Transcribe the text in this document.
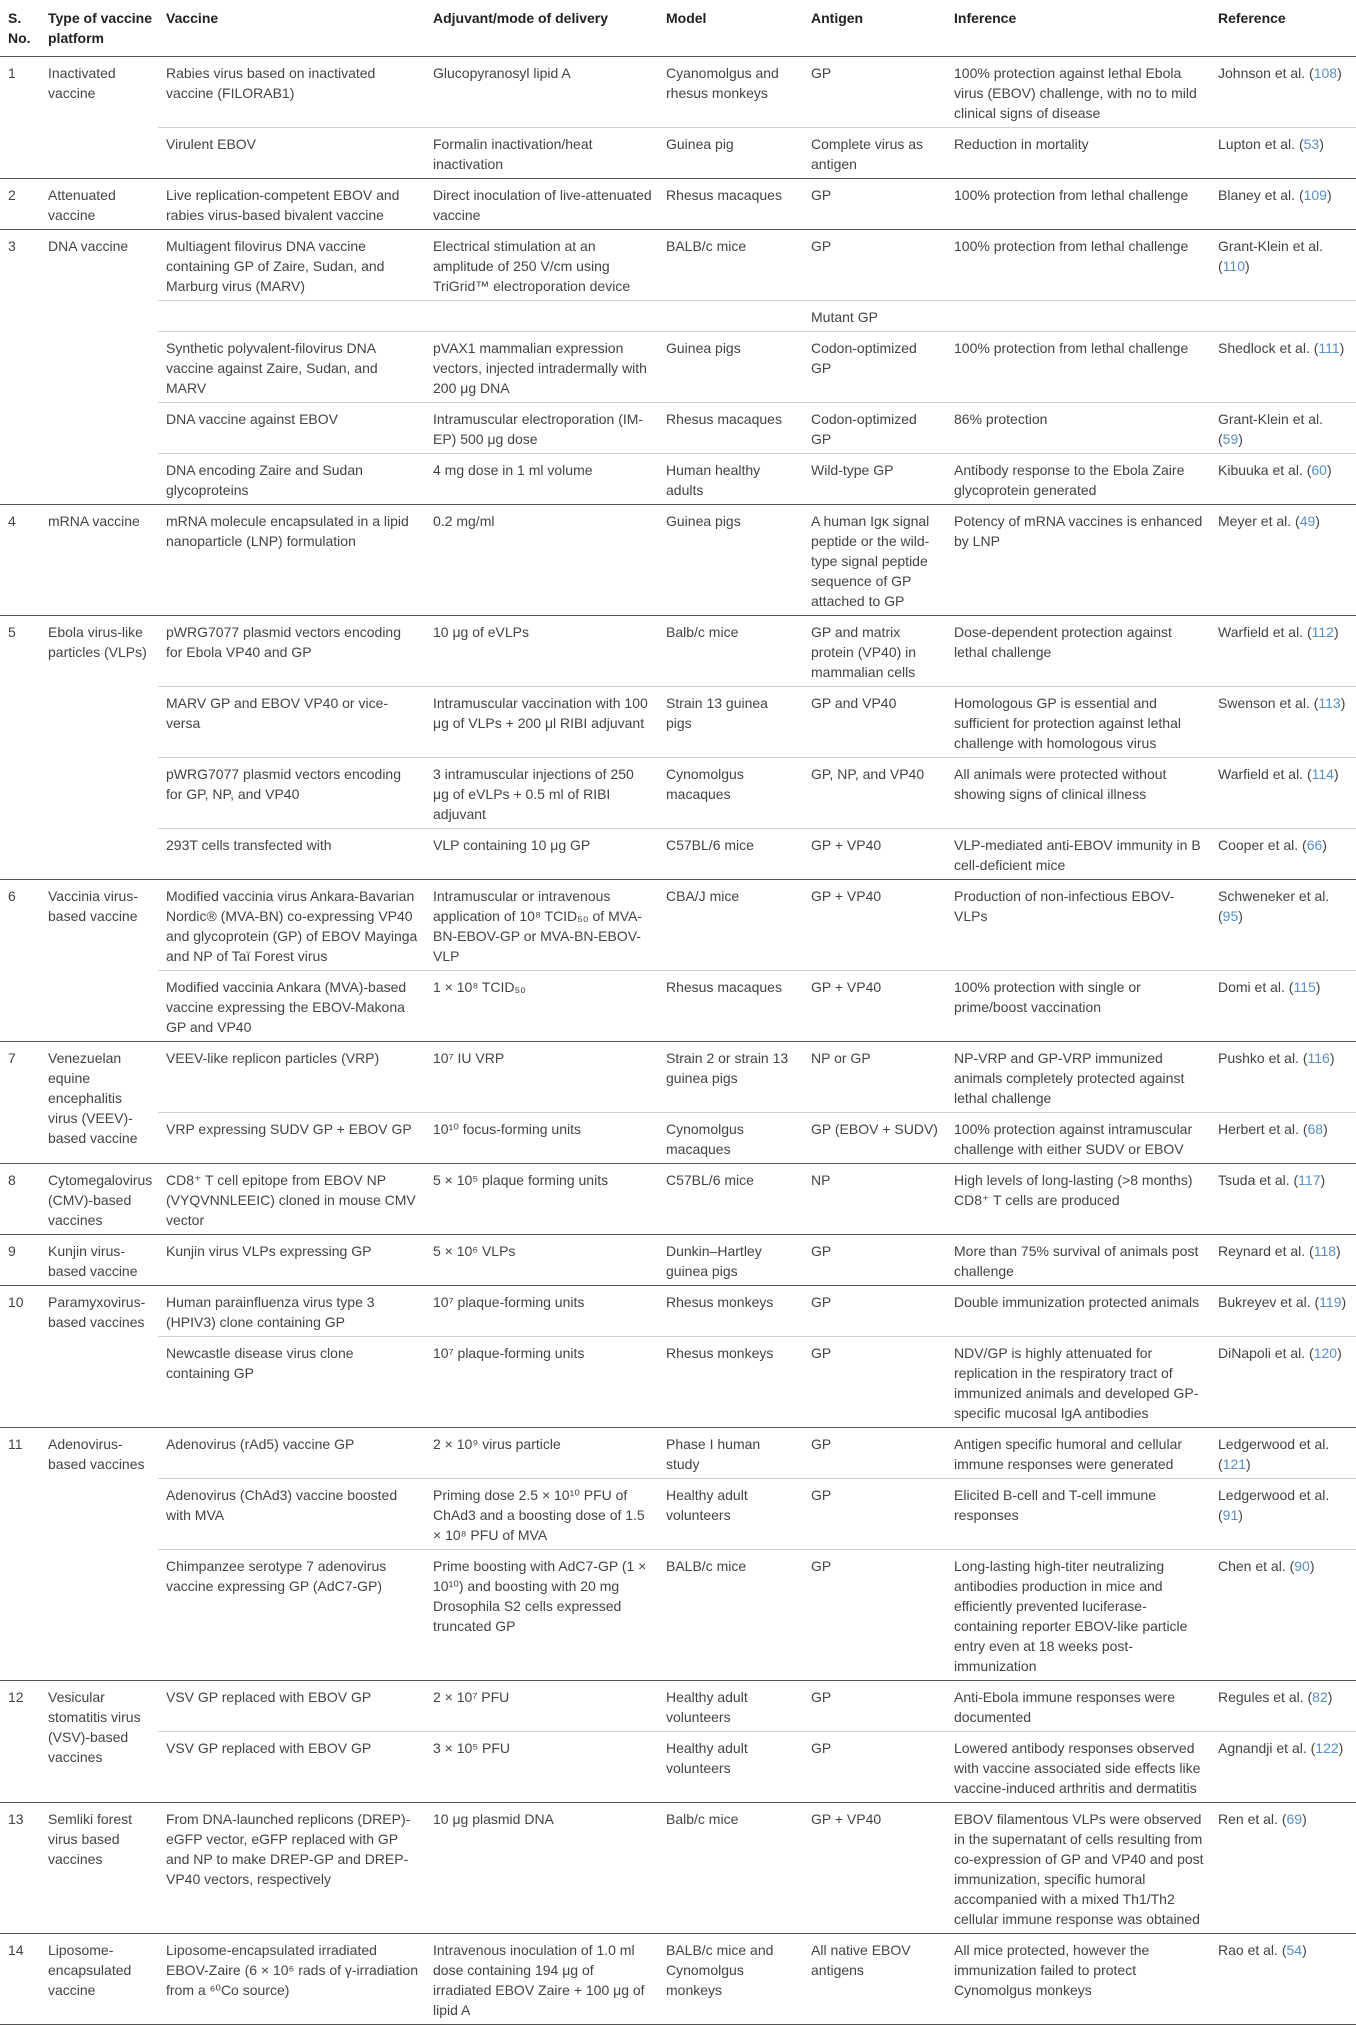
S. No.	Type of vaccine platform	Vaccine	Adjuvant/mode of delivery	Model	Antigen	Inference	Reference
1	Inactivated vaccine	Rabies virus based on inactivated vaccine (FILORAB1)	Glucopyranosyl lipid A	Cyanomolgus and rhesus monkeys	GP	100% protection against lethal Ebola virus (EBOV) challenge, with no to mild clinical signs of disease	Johnson et al. (108)
		Virulent EBOV	Formalin inactivation/heat inactivation	Guinea pig	Complete virus as antigen	Reduction in mortality	Lupton et al. (53)
2	Attenuated vaccine	Live replication-competent EBOV and rabies virus-based bivalent vaccine	Direct inoculation of live-attenuated vaccine	Rhesus macaques	GP	100% protection from lethal challenge	Blaney et al. (109)
3	DNA vaccine	Multiagent filovirus DNA vaccine containing GP of Zaire, Sudan, and Marburg virus (MARV)	Electrical stimulation at an amplitude of 250 V/cm using TriGrid™ electroporation device	BALB/c mice	GP	100% protection from lethal challenge	Grant-Klein et al. (110)
					Mutant GP		
		Synthetic polyvalent-filovirus DNA vaccine against Zaire, Sudan, and MARV	pVAX1 mammalian expression vectors, injected intradermally with 200 μg DNA	Guinea pigs	Codon-optimized GP	100% protection from lethal challenge	Shedlock et al. (111)
		DNA vaccine against EBOV	Intramuscular electroporation (IM-EP) 500 μg dose	Rhesus macaques	Codon-optimized GP	86% protection	Grant-Klein et al. (59)
		DNA encoding Zaire and Sudan glycoproteins	4 mg dose in 1 ml volume	Human healthy adults	Wild-type GP	Antibody response to the Ebola Zaire glycoprotein generated	Kibuuka et al. (60)
4	mRNA vaccine	mRNA molecule encapsulated in a lipid nanoparticle (LNP) formulation	0.2 mg/ml	Guinea pigs	A human Igκ signal peptide or the wild-type signal peptide sequence of GP attached to GP	Potency of mRNA vaccines is enhanced by LNP	Meyer et al. (49)
5	Ebola virus-like particles (VLPs)	pWRG7077 plasmid vectors encoding for Ebola VP40 and GP	10 μg of eVLPs	Balb/c mice	GP and matrix protein (VP40) in mammalian cells	Dose-dependent protection against lethal challenge	Warfield et al. (112)
		MARV GP and EBOV VP40 or vice-versa	Intramuscular vaccination with 100 μg of VLPs + 200 μl RIBI adjuvant	Strain 13 guinea pigs	GP and VP40	Homologous GP is essential and sufficient for protection against lethal challenge with homologous virus	Swenson et al. (113)
		pWRG7077 plasmid vectors encoding for GP, NP, and VP40	3 intramuscular injections of 250 μg of eVLPs + 0.5 ml of RIBI adjuvant	Cynomolgus macaques	GP, NP, and VP40	All animals were protected without showing signs of clinical illness	Warfield et al. (114)
		293T cells transfected with	VLP containing 10 μg GP	C57BL/6 mice	GP + VP40	VLP-mediated anti-EBOV immunity in B cell-deficient mice	Cooper et al. (66)
6	Vaccinia virus-based vaccine	Modified vaccinia virus Ankara-Bavarian Nordic® (MVA-BN) co-expressing VP40 and glycoprotein (GP) of EBOV Mayinga and NP of Taï Forest virus	Intramuscular or intravenous application of 10⁸ TCID₅₀ of MVA-BN-EBOV-GP or MVA-BN-EBOV-VLP	CBA/J mice	GP + VP40	Production of non-infectious EBOV-VLPs	Schweneker et al. (95)
		Modified vaccinia Ankara (MVA)-based vaccine expressing the EBOV-Makona GP and VP40	1 × 10⁸ TCID₅₀	Rhesus macaques	GP + VP40	100% protection with single or prime/boost vaccination	Domi et al. (115)
7	Venezuelan equine encephalitis virus (VEEV)-based vaccine	VEEV-like replicon particles (VRP)	10⁷ IU VRP	Strain 2 or strain 13 guinea pigs	NP or GP	NP-VRP and GP-VRP immunized animals completely protected against lethal challenge	Pushko et al. (116)
		VRP expressing SUDV GP + EBOV GP	10¹⁰ focus-forming units	Cynomolgus macaques	GP (EBOV + SUDV)	100% protection against intramuscular challenge with either SUDV or EBOV	Herbert et al. (68)
8	Cytomegalovirus (CMV)-based vaccines	CD8⁺ T cell epitope from EBOV NP (VYQVNNLEEIC) cloned in mouse CMV vector	5 × 10⁵ plaque forming units	C57BL/6 mice	NP	High levels of long-lasting (>8 months) CD8⁺ T cells are produced	Tsuda et al. (117)
9	Kunjin virus-based vaccine	Kunjin virus VLPs expressing GP	5 × 10⁶ VLPs	Dunkin–Hartley guinea pigs	GP	More than 75% survival of animals post challenge	Reynard et al. (118)
10	Paramyxovirus-based vaccines	Human parainfluenza virus type 3 (HPIV3) clone containing GP	10⁷ plaque-forming units	Rhesus monkeys	GP	Double immunization protected animals	Bukreyev et al. (119)
		Newcastle disease virus clone containing GP	10⁷ plaque-forming units	Rhesus monkeys	GP	NDV/GP is highly attenuated for replication in the respiratory tract of immunized animals and developed GP-specific mucosal IgA antibodies	DiNapoli et al. (120)
11	Adenovirus-based vaccines	Adenovirus (rAd5) vaccine GP	2 × 10⁹ virus particle	Phase I human study	GP	Antigen specific humoral and cellular immune responses were generated	Ledgerwood et al. (121)
		Adenovirus (ChAd3) vaccine boosted with MVA	Priming dose 2.5 × 10¹⁰ PFU of ChAd3 and a boosting dose of 1.5 × 10⁸ PFU of MVA	Healthy adult volunteers	GP	Elicited B-cell and T-cell immune responses	Ledgerwood et al. (91)
		Chimpanzee serotype 7 adenovirus vaccine expressing GP (AdC7-GP)	Prime boosting with AdC7-GP (1 × 10¹⁰) and boosting with 20 mg Drosophila S2 cells expressed truncated GP	BALB/c mice	GP	Long-lasting high-titer neutralizing antibodies production in mice and efficiently prevented luciferase-containing reporter EBOV-like particle entry even at 18 weeks post-immunization	Chen et al. (90)
12	Vesicular stomatitis virus (VSV)-based vaccines	VSV GP replaced with EBOV GP	2 × 10⁷ PFU	Healthy adult volunteers	GP	Anti-Ebola immune responses were documented	Regules et al. (82)
		VSV GP replaced with EBOV GP	3 × 10⁵ PFU	Healthy adult volunteers	GP	Lowered antibody responses observed with vaccine associated side effects like vaccine-induced arthritis and dermatitis	Agnandji et al. (122)
13	Semliki forest virus based vaccines	From DNA-launched replicons (DREP)-eGFP vector, eGFP replaced with GP and NP to make DREP-GP and DREP-VP40 vectors, respectively	10 μg plasmid DNA	Balb/c mice	GP + VP40	EBOV filamentous VLPs were observed in the supernatant of cells resulting from co-expression of GP and VP40 and post immunization, specific humoral accompanied with a mixed Th1/Th2 cellular immune response was obtained	Ren et al. (69)
14	Liposome-encapsulated vaccine	Liposome-encapsulated irradiated EBOV-Zaire (6 × 10⁶ rads of γ-irradiation from a ⁶⁰Co source)	Intravenous inoculation of 1.0 ml dose containing 194 μg of irradiated EBOV Zaire + 100 μg of lipid A	BALB/c mice and Cynomolgus monkeys	All native EBOV antigens	All mice protected, however the immunization failed to protect Cynomolgus monkeys	Rao et al. (54)
